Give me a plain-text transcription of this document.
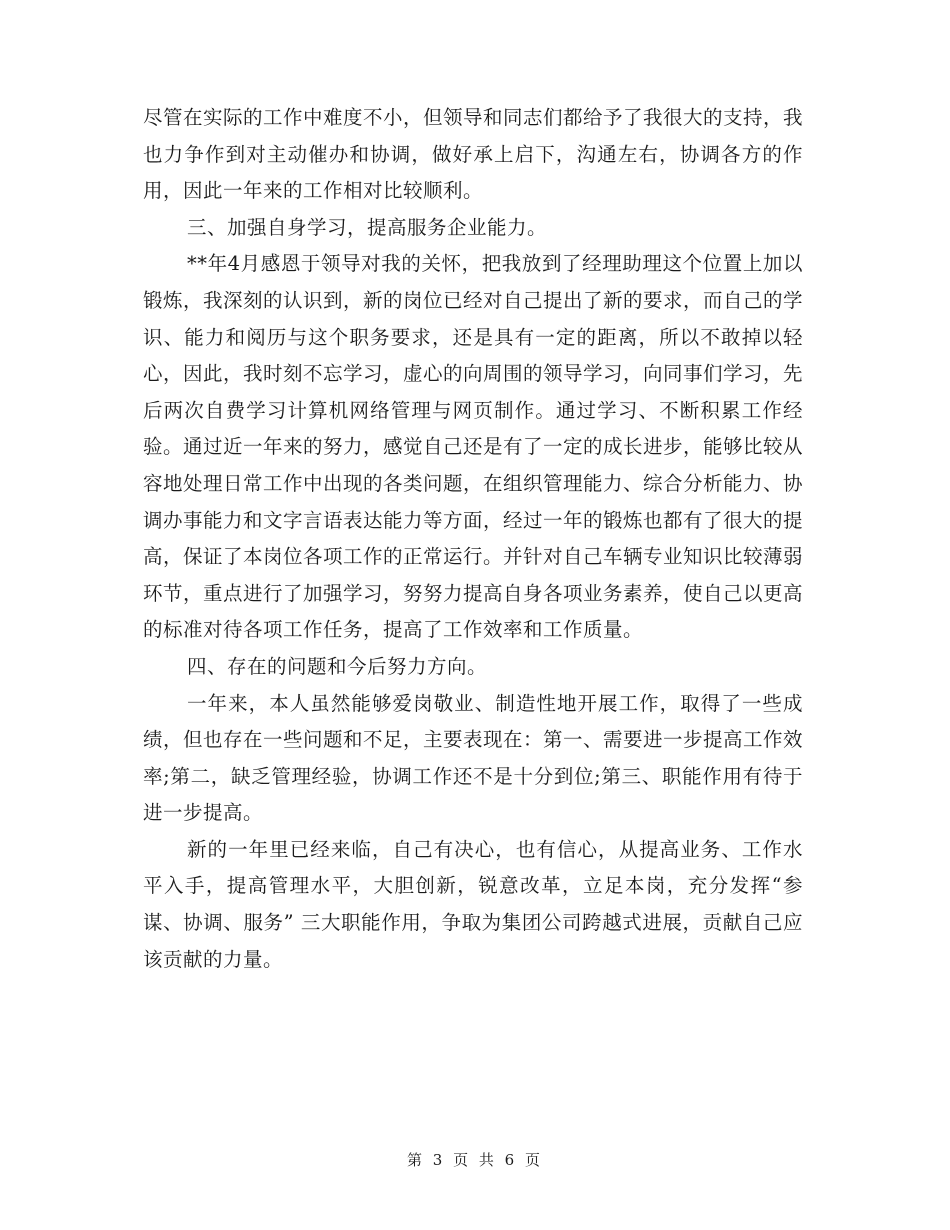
尽管在实际的工作中难度不小，但领导和同志们都给予了我很大的支持，我也力争作到对主动催办和协调，做好承上启下，沟通左右，协调各方的作用，因此一年来的工作相对比较顺利。

三、加强自身学习，提高服务企业能力。

**年4月感恩于领导对我的关怀，把我放到了经理助理这个位置上加以锻炼，我深刻的认识到，新的岗位已经对自己提出了新的要求，而自己的学识、能力和阅历与这个职务要求，还是具有一定的距离，所以不敢掉以轻心，因此，我时刻不忘学习，虚心的向周围的领导学习，向同事们学习，先后两次自费学习计算机网络管理与网页制作。通过学习、不断积累工作经验。通过近一年来的努力，感觉自己还是有了一定的成长进步，能够比较从容地处理日常工作中出现的各类问题，在组织管理能力、综合分析能力、协调办事能力和文字言语表达能力等方面，经过一年的锻炼也都有了很大的提高，保证了本岗位各项工作的正常运行。并针对自己车辆专业知识比较薄弱环节，重点进行了加强学习，努努力提高自身各项业务素养，使自己以更高的标准对待各项工作任务，提高了工作效率和工作质量。

四、存在的问题和今后努力方向。

一年来，本人虽然能够爱岗敬业、制造性地开展工作，取得了一些成绩，但也存在一些问题和不足，主要表现在：第一、需要进一步提高工作效率;第二，缺乏管理经验，协调工作还不是十分到位;第三、职能作用有待于进一步提高。

新的一年里已经来临，自己有决心，也有信心，从提高业务、工作水平入手，提高管理水平，大胆创新，锐意改革，立足本岗，充分发挥“参谋、协调、服务” 三大职能作用，争取为集团公司跨越式进展，贡献自己应该贡献的力量。

第 3 页 共 6 页
